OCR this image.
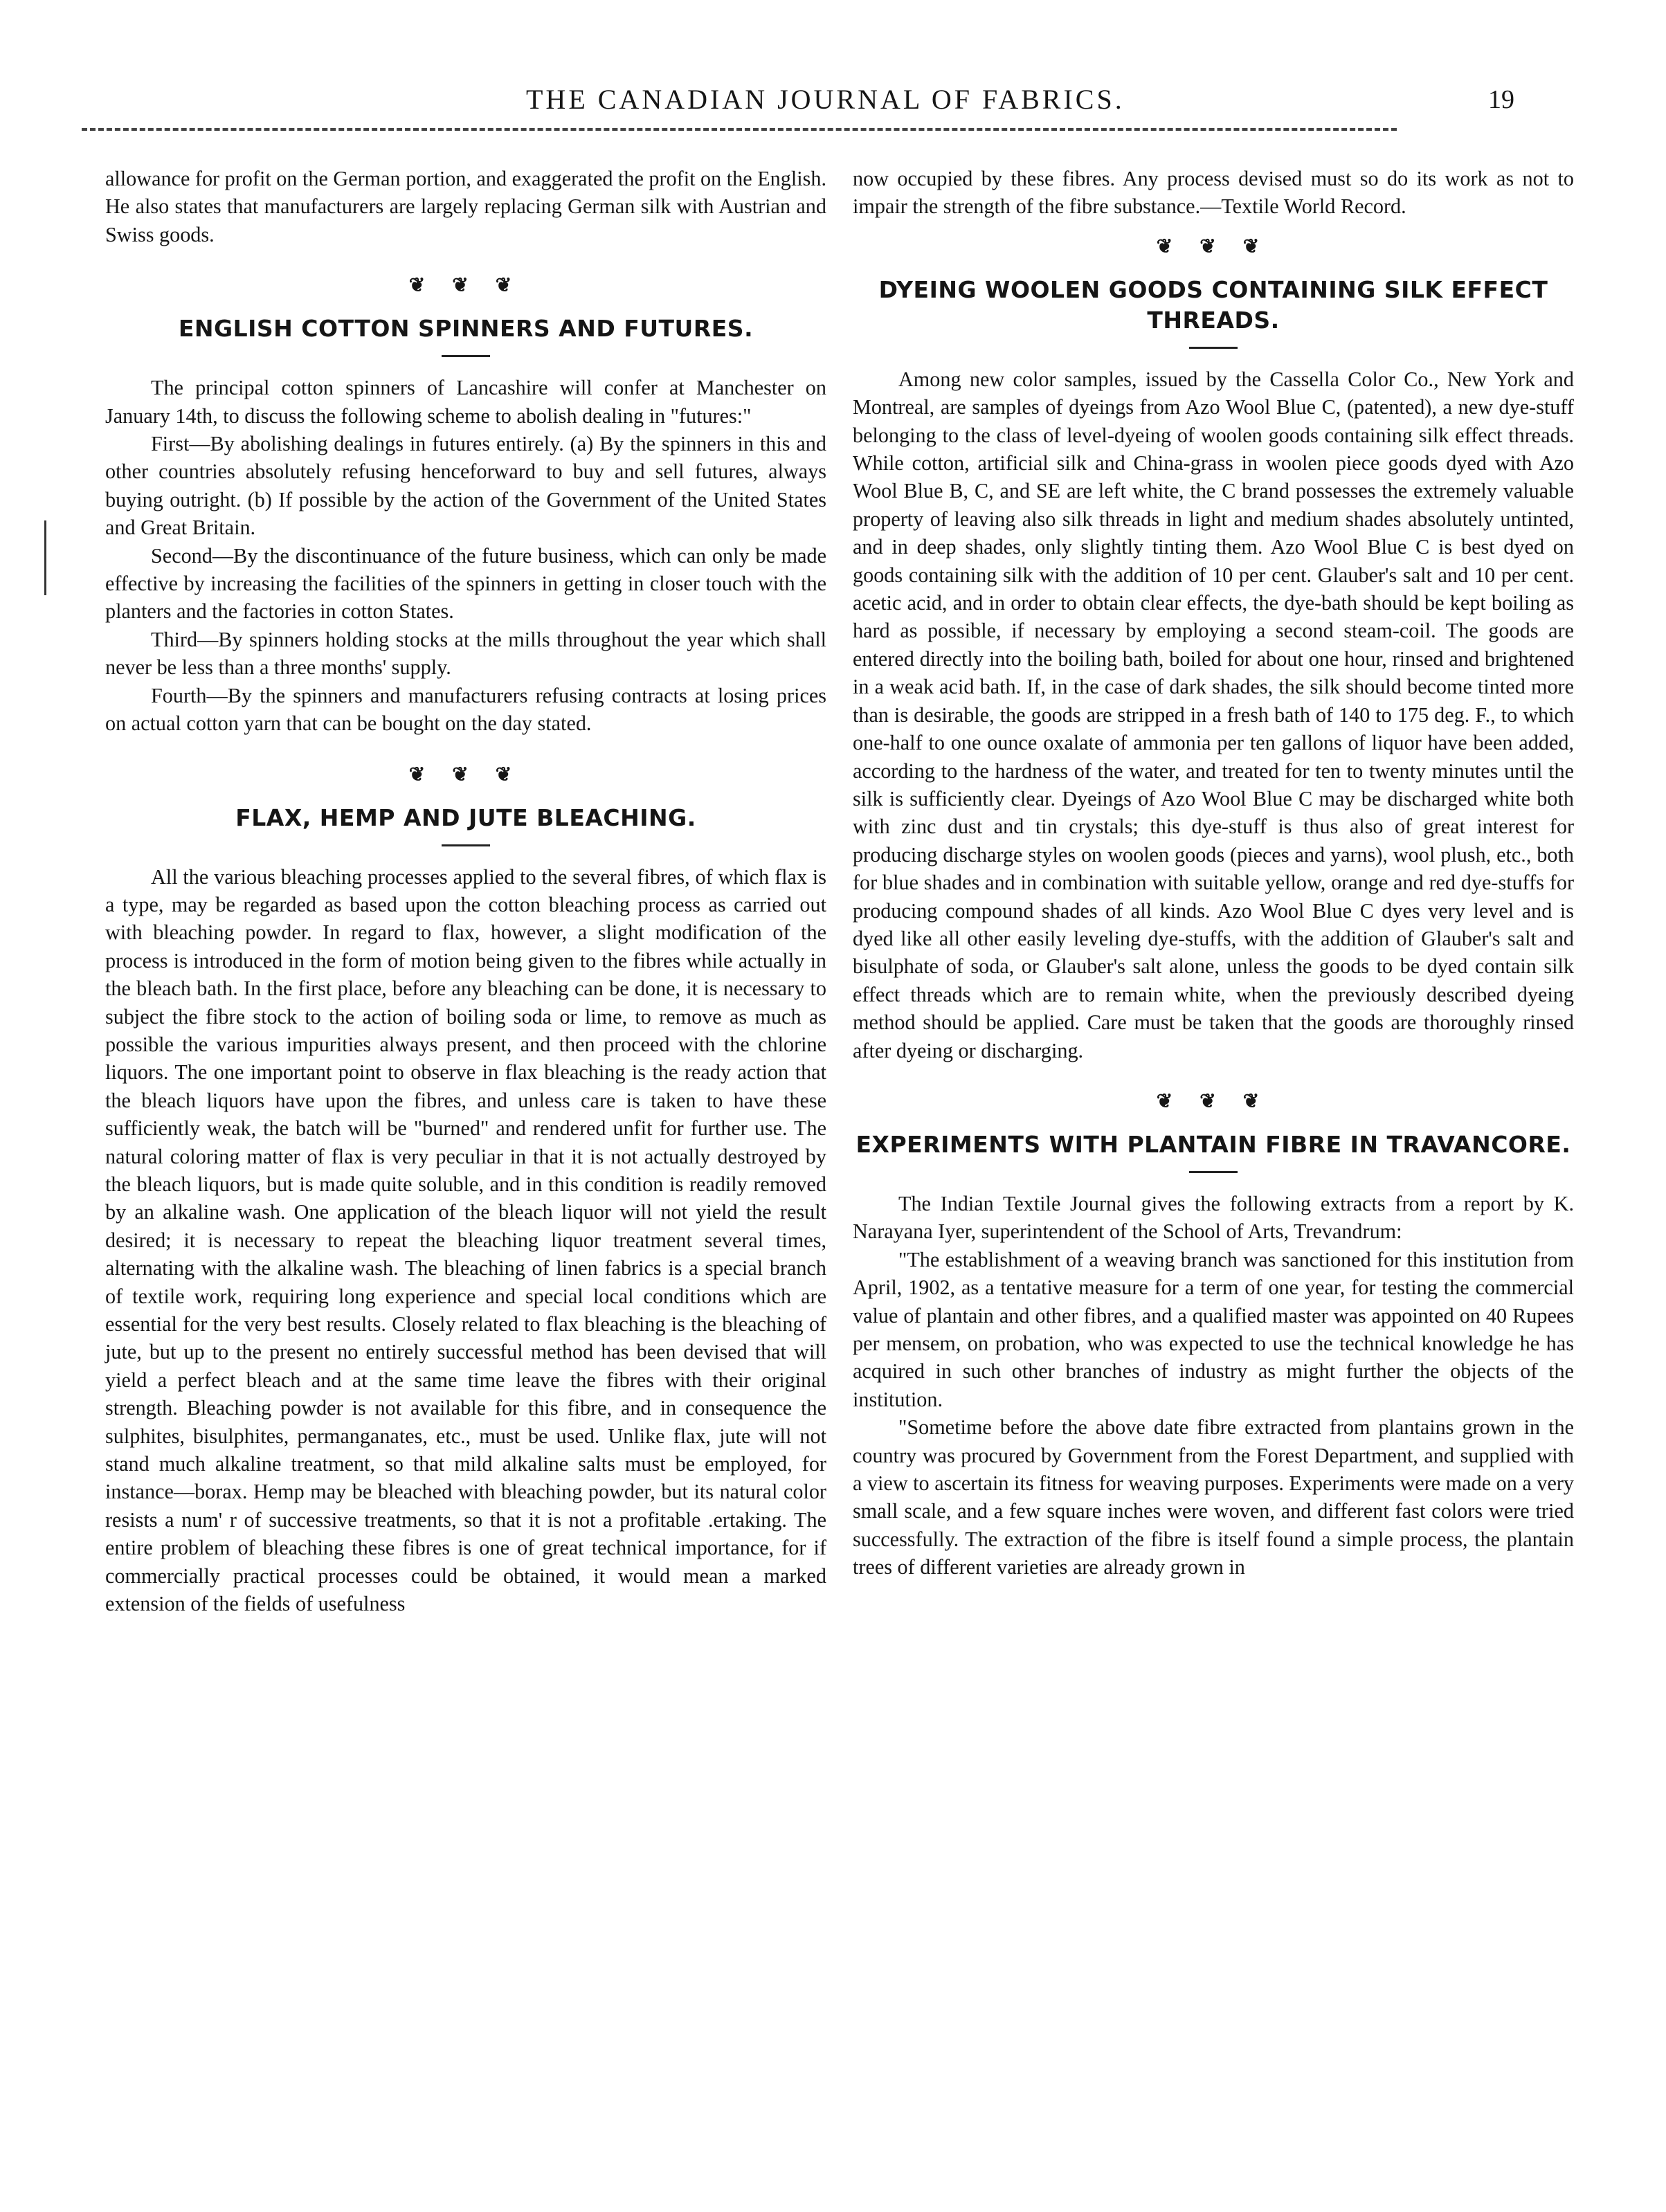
THE CANADIAN JOURNAL OF FABRICS.	19

allowance for profit on the German portion, and exaggerated the profit on the English. He also states that manufacturers are largely replacing German silk with Austrian and Swiss goods.

❦ ❦ ❦
ENGLISH COTTON SPINNERS AND FUTURES.

The principal cotton spinners of Lancashire will confer at Manchester on January 14th, to discuss the following scheme to abolish dealing in "futures:"

First—By abolishing dealings in futures entirely. (a) By the spinners in this and other countries absolutely refusing henceforward to buy and sell futures, always buying outright. (b) If possible by the action of the Government of the United States and Great Britain.

Second—By the discontinuance of the future business, which can only be made effective by increasing the facilities of the spinners in getting in closer touch with the planters and the factories in cotton States.

Third—By spinners holding stocks at the mills throughout the year which shall never be less than a three months' supply.

Fourth—By the spinners and manufacturers refusing contracts at losing prices on actual cotton yarn that can be bought on the day stated.

❦ ❦ ❦
FLAX, HEMP AND JUTE BLEACHING.

All the various bleaching processes applied to the several fibres, of which flax is a type, may be regarded as based upon the cotton bleaching process as carried out with bleaching powder. In regard to flax, however, a slight modification of the process is introduced in the form of motion being given to the fibres while actually in the bleach bath. In the first place, before any bleaching can be done, it is necessary to subject the fibre stock to the action of boiling soda or lime, to remove as much as possible the various impurities always present, and then proceed with the chlorine liquors. The one important point to observe in flax bleaching is the ready action that the bleach liquors have upon the fibres, and unless care is taken to have these sufficiently weak, the batch will be "burned" and rendered unfit for further use. The natural coloring matter of flax is very peculiar in that it is not actually destroyed by the bleach liquors, but is made quite soluble, and in this condition is readily removed by an alkaline wash. One application of the bleach liquor will not yield the result desired; it is necessary to repeat the bleaching liquor treatment several times, alternating with the alkaline wash. The bleaching of linen fabrics is a special branch of textile work, requiring long experience and special local conditions which are essential for the very best results. Closely related to flax bleaching is the bleaching of jute, but up to the present no entirely successful method has been devised that will yield a perfect bleach and at the same time leave the fibres with their original strength. Bleaching powder is not available for this fibre, and in consequence the sulphites, bisulphites, permanganates, etc., must be used. Unlike flax, jute will not stand much alkaline treatment, so that mild alkaline salts must be employed, for instance—borax. Hemp may be bleached with bleaching powder, but its natural color resists a num' r of successive treatments, so that it is not a profitable .ertaking. The entire problem of bleaching these fibres is one of great technical importance, for if commercially practical processes could be obtained, it would mean a marked extension of the fields of usefulness

now occupied by these fibres. Any process devised must so do its work as not to impair the strength of the fibre substance.—Textile World Record.

❦ ❦ ❦
DYEING WOOLEN GOODS CONTAINING SILK EFFECT THREADS.

Among new color samples, issued by the Cassella Color Co., New York and Montreal, are samples of dyeings from Azo Wool Blue C, (patented), a new dye-stuff belonging to the class of level-dyeing of woolen goods containing silk effect threads. While cotton, artificial silk and China-grass in woolen piece goods dyed with Azo Wool Blue B, C, and SE are left white, the C brand possesses the extremely valuable property of leaving also silk threads in light and medium shades absolutely untinted, and in deep shades, only slightly tinting them. Azo Wool Blue C is best dyed on goods containing silk with the addition of 10 per cent. Glauber's salt and 10 per cent. acetic acid, and in order to obtain clear effects, the dye-bath should be kept boiling as hard as possible, if necessary by employing a second steam-coil. The goods are entered directly into the boiling bath, boiled for about one hour, rinsed and brightened in a weak acid bath. If, in the case of dark shades, the silk should become tinted more than is desirable, the goods are stripped in a fresh bath of 140 to 175 deg. F., to which one-half to one ounce oxalate of ammonia per ten gallons of liquor have been added, according to the hardness of the water, and treated for ten to twenty minutes until the silk is sufficiently clear. Dyeings of Azo Wool Blue C may be discharged white both with zinc dust and tin crystals; this dye-stuff is thus also of great interest for producing discharge styles on woolen goods (pieces and yarns), wool plush, etc., both for blue shades and in combination with suitable yellow, orange and red dye-stuffs for producing compound shades of all kinds. Azo Wool Blue C dyes very level and is dyed like all other easily leveling dye-stuffs, with the addition of Glauber's salt and bisulphate of soda, or Glauber's salt alone, unless the goods to be dyed contain silk effect threads which are to remain white, when the previously described dyeing method should be applied. Care must be taken that the goods are thoroughly rinsed after dyeing or discharging.

❦ ❦ ❦
EXPERIMENTS WITH PLANTAIN FIBRE IN TRAVANCORE.

The Indian Textile Journal gives the following extracts from a report by K. Narayana Iyer, superintendent of the School of Arts, Trevandrum:

"The establishment of a weaving branch was sanctioned for this institution from April, 1902, as a tentative measure for a term of one year, for testing the commercial value of plantain and other fibres, and a qualified master was appointed on 40 Rupees per mensem, on probation, who was expected to use the technical knowledge he has acquired in such other branches of industry as might further the objects of the institution.

"Sometime before the above date fibre extracted from plantains grown in the country was procured by Government from the Forest Department, and supplied with a view to ascertain its fitness for weaving purposes. Experiments were made on a very small scale, and a few square inches were woven, and different fast colors were tried successfully. The extraction of the fibre is itself found a simple process, the plantain trees of different varieties are already grown in
